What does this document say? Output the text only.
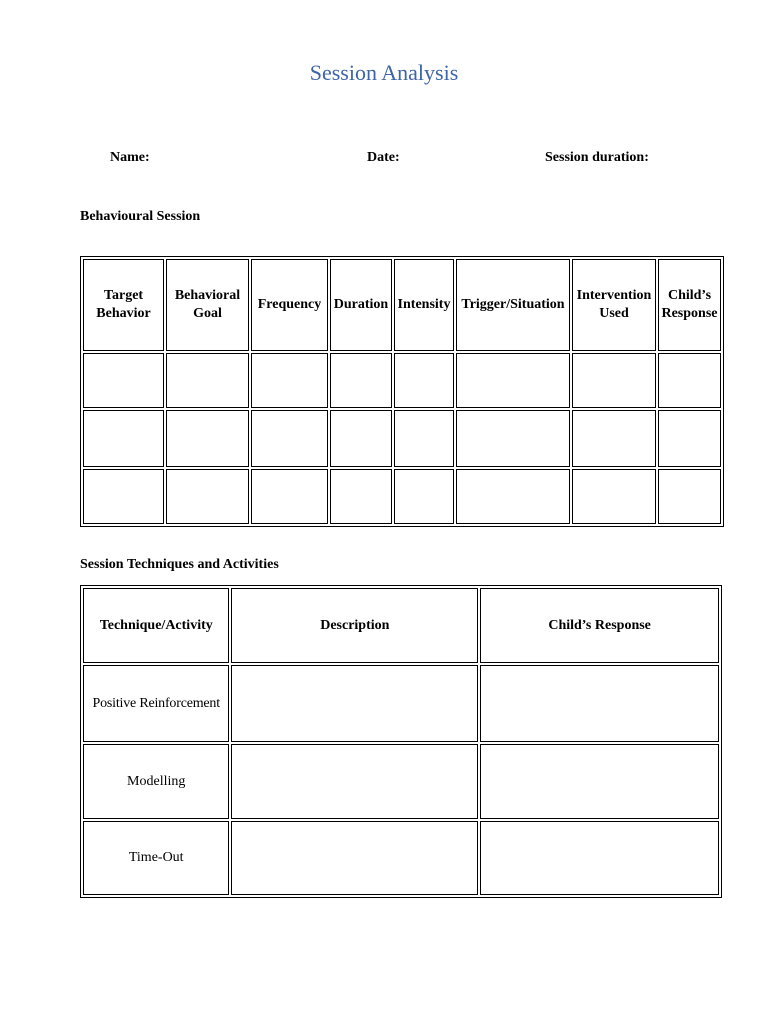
Session Analysis
Name:	Date:	Session duration:
Behavioural Session
Target Behavior	Behavioral Goal	Frequency	Duration	Intensity	Trigger/Situation	Intervention Used	Child’s Response

Session Techniques and Activities
Technique/Activity	Description	Child’s Response
Positive Reinforcement		
Modelling		
Time-Out		
